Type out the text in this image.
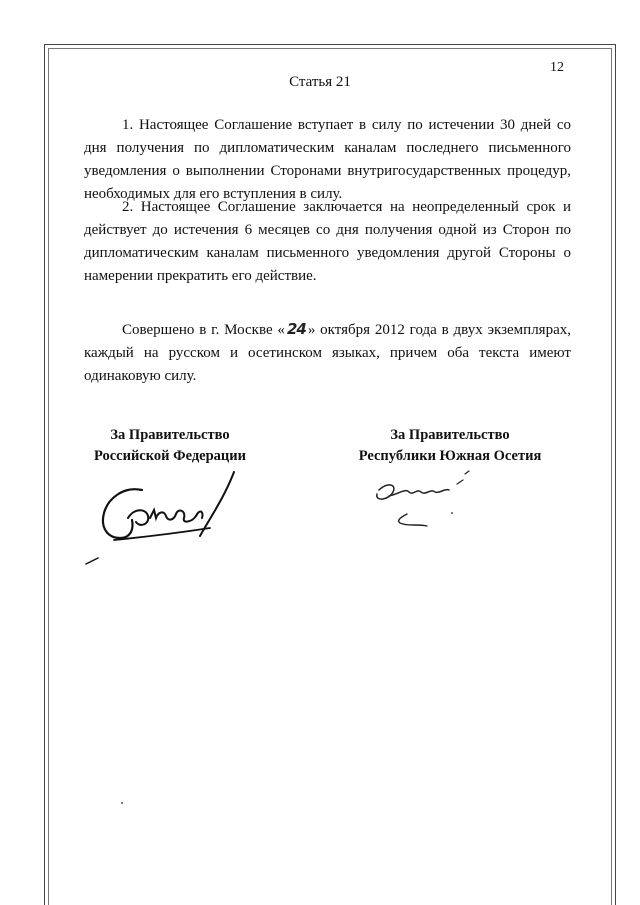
12
Статья 21

1. Настоящее Соглашение вступает в силу по истечении 30 дней со дня получения по дипломатическим каналам последнего письменного уведомления о выполнении Сторонами внутригосударственных процедур, необходимых для его вступления в силу.

2. Настоящее Соглашение заключается на неопределенный срок и действует до истечения 6 месяцев со дня получения одной из Сторон по дипломатическим каналам письменного уведомления другой Стороны о намерении прекратить его действие.

Совершено в г. Москве « 24 » октября 2012 года в двух экземплярах, каждый на русском и осетинском языках, причем оба текста имеют одинаковую силу.

За Правительство
Российской Федерации
За Правительство
Республики Южная Осетия
